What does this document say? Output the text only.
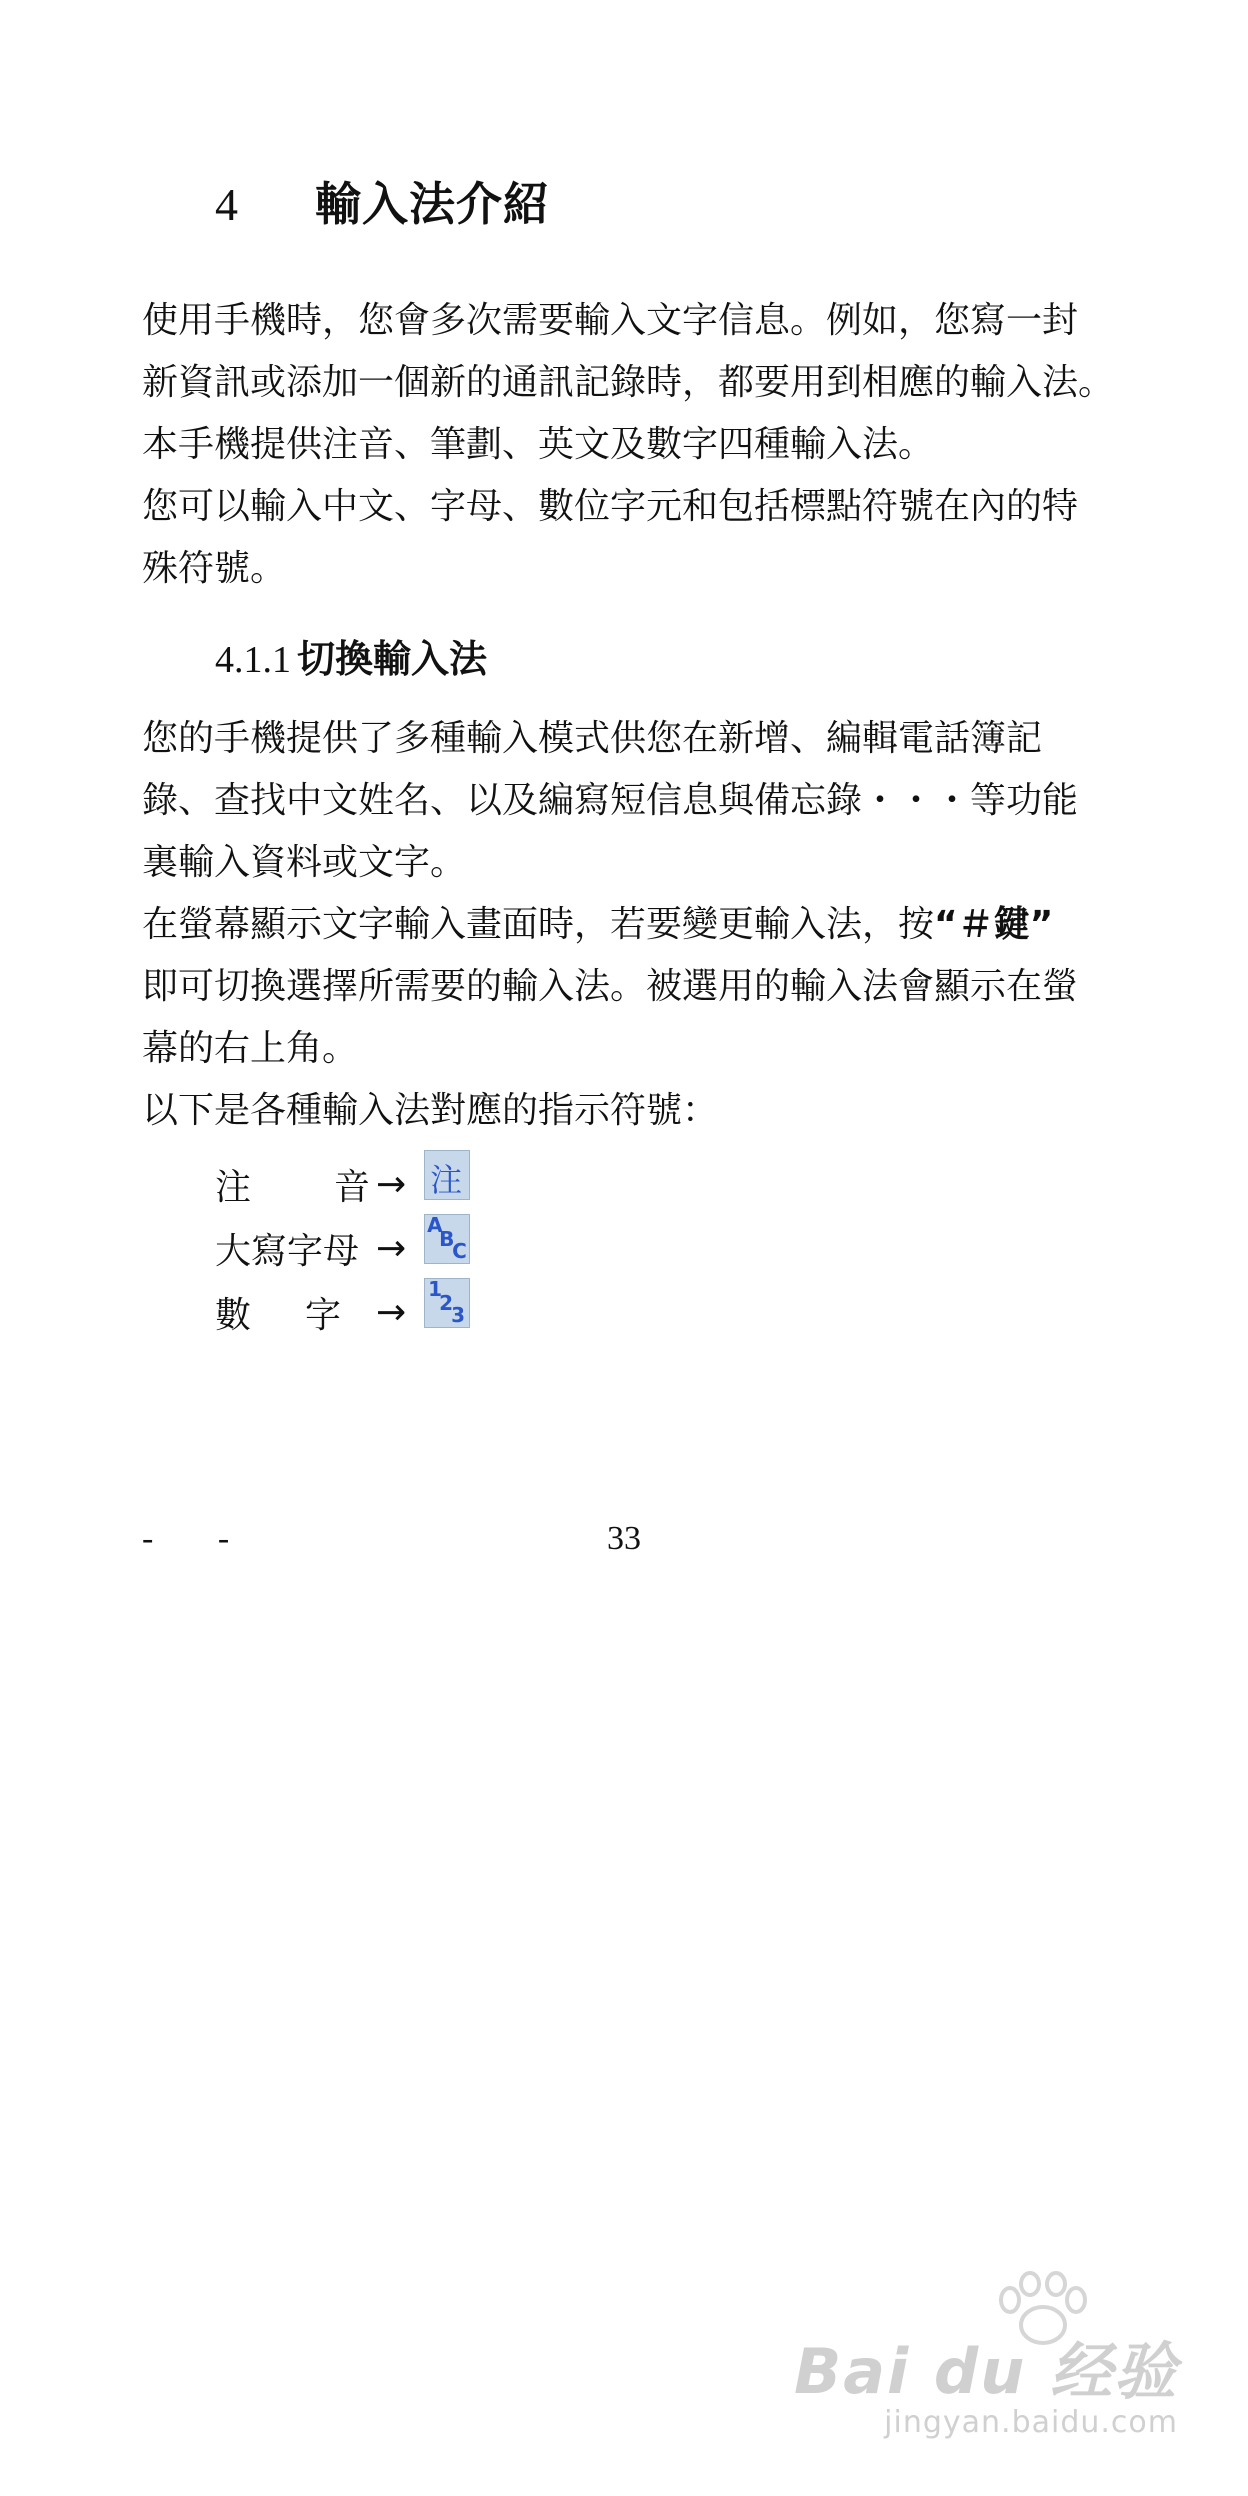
4 輸入法介紹

使用手機時，您會多次需要輸入文字信息。例如，您寫一封

新資訊或添加一個新的通訊記錄時，都要用到相應的輸入法。

本手機提供注音、筆劃、英文及數字四種輸入法。

您可以輸入中文、字母、數位字元和包括標點符號在內的特

殊符號。

4.1.1 切換輸入法

您的手機提供了多種輸入模式供您在新增、編輯電話簿記

錄、查找中文姓名、以及編寫短信息與備忘錄・・・等功能

裏輸入資料或文字。

在螢幕顯示文字輸入畫面時，若要變更輸入法，按“＃鍵”

即可切換選擇所需要的輸入法。被選用的輸入法會顯示在螢

幕的右上角。

以下是各種輸入法對應的指示符號：

注 音 → 注
大寫字母 →
A
B
C
數 字 →
1
2
3
- -	33
Bai du 经验
jingyan.baidu.com
